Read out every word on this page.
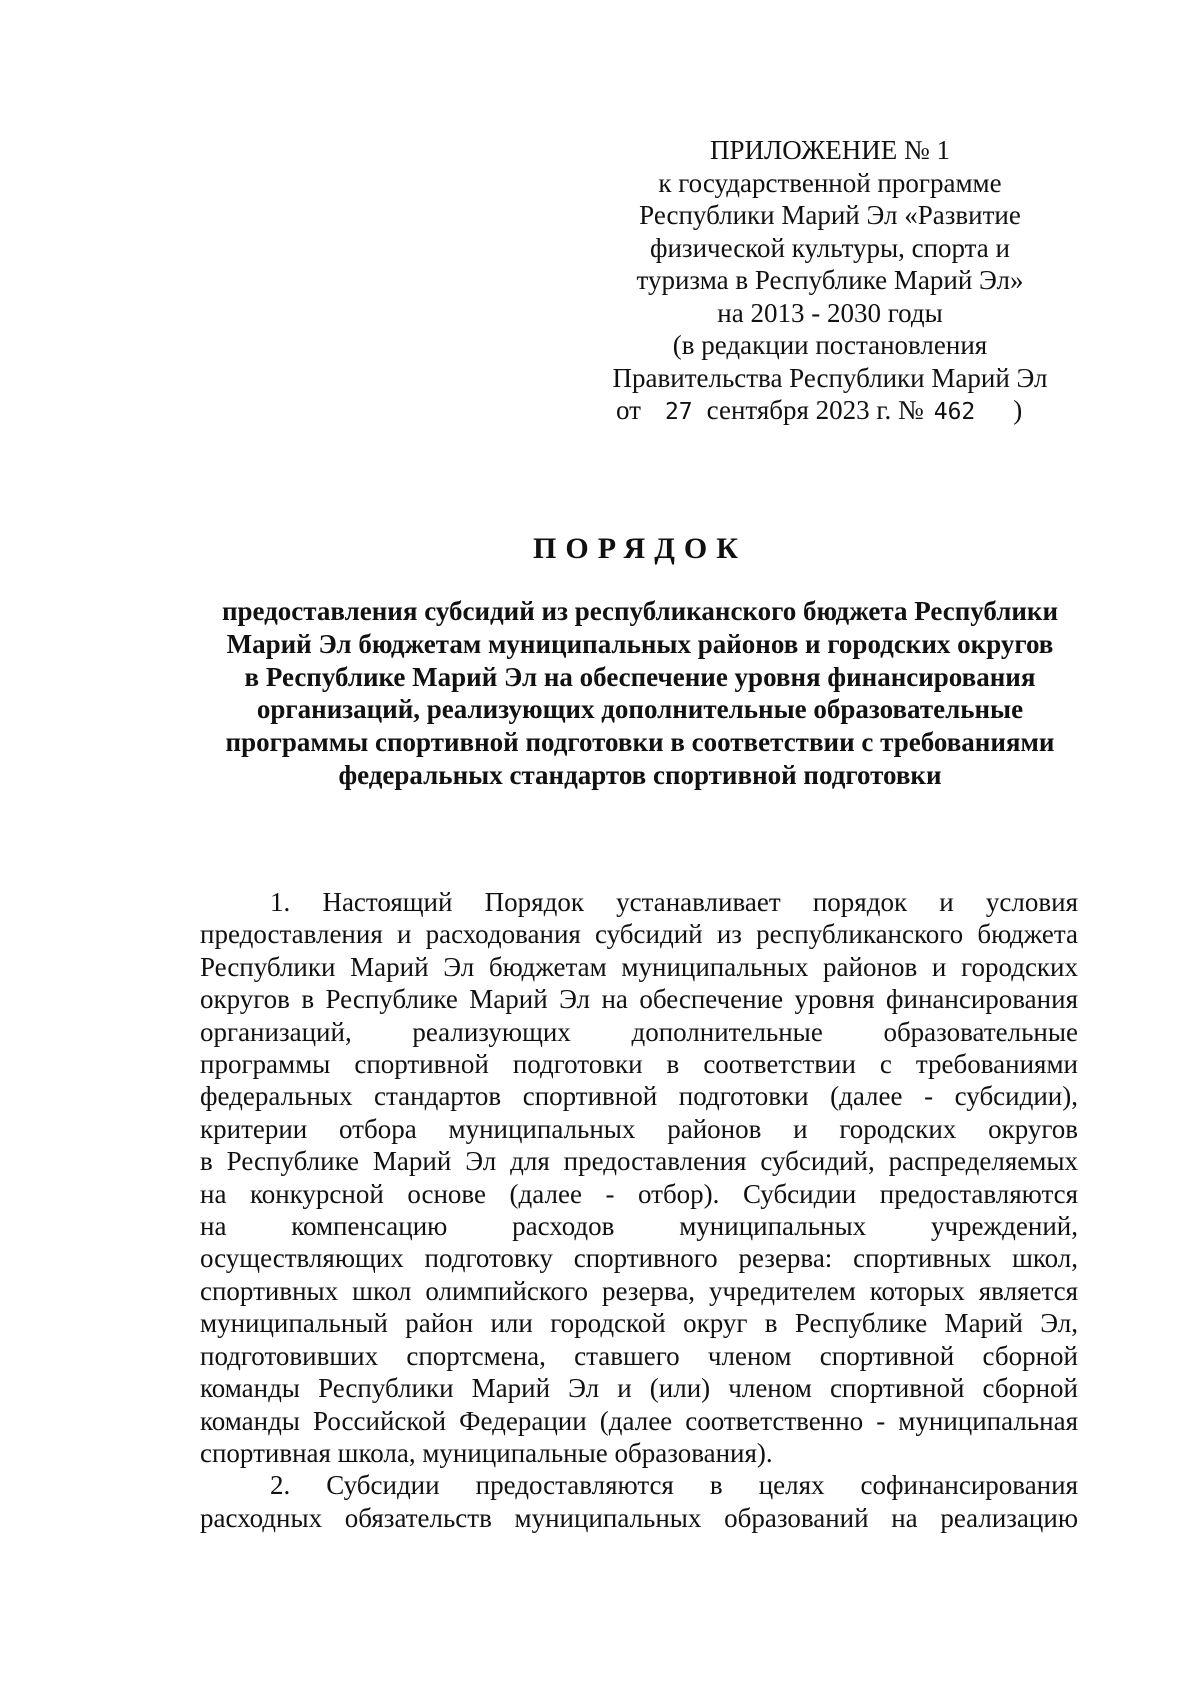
ПРИЛОЖЕНИЕ № 1
к государственной программе
Республики Марий Эл «Развитие
физической культуры, спорта и
туризма в Республике Марий Эл»
на 2013 - 2030 годы
(в редакции постановления
Правительства Республики Марий Эл
от 27 сентября 2023 г. № 462 )
ПОРЯДОК
предоставления субсидий из республиканского бюджета Республики
Марий Эл бюджетам муниципальных районов и городских округов
в Республике Марий Эл на обеспечение уровня финансирования
организаций, реализующих дополнительные образовательные
программы спортивной подготовки в соответствии с требованиями
федеральных стандартов спортивной подготовки
1. Настоящий Порядок устанавливает порядок и условия
предоставления и расходования субсидий из республиканского бюджета
Республики Марий Эл бюджетам муниципальных районов и городских
округов в Республике Марий Эл на обеспечение уровня финансирования
организаций, реализующих дополнительные образовательные
программы спортивной подготовки в соответствии с требованиями
федеральных стандартов спортивной подготовки (далее - субсидии),
критерии отбора муниципальных районов и городских округов
в Республике Марий Эл для предоставления субсидий, распределяемых
на конкурсной основе (далее - отбор). Субсидии предоставляются
на компенсацию расходов муниципальных учреждений,
осуществляющих подготовку спортивного резерва: спортивных школ,
спортивных школ олимпийского резерва, учредителем которых является
муниципальный район или городской округ в Республике Марий Эл,
подготовивших спортсмена, ставшего членом спортивной сборной
команды Республики Марий Эл и (или) членом спортивной сборной
команды Российской Федерации (далее соответственно - муниципальная
спортивная школа, муниципальные образования).
2. Субсидии предоставляются в целях софинансирования
расходных обязательств муниципальных образований на реализацию
